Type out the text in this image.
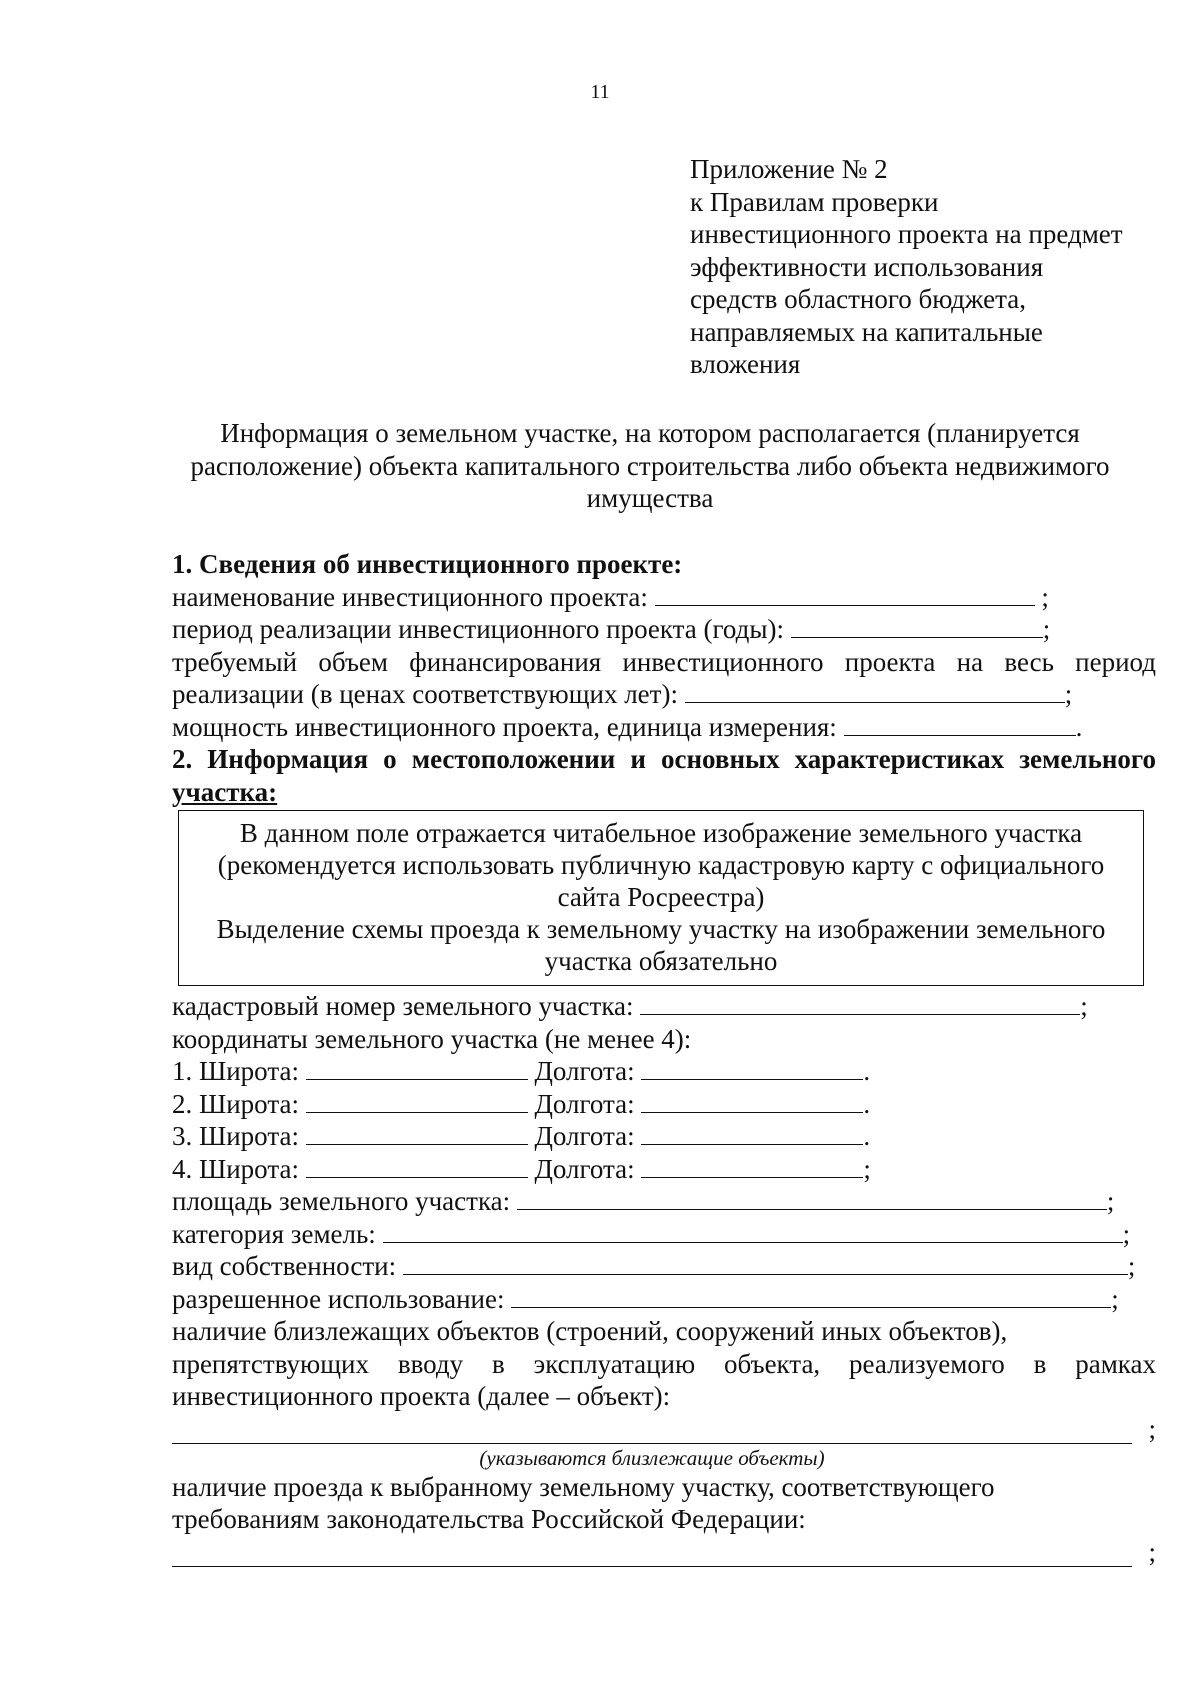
11
Приложение № 2
к Правилам проверки
инвестиционного проекта на предмет
эффективности использования
средств областного бюджета,
направляемых на капитальные
вложения
Информация о земельном участке, на котором располагается (планируется расположение) объекта капитального строительства либо объекта недвижимого имущества
1. Сведения об инвестиционного проекте:
наименование инвестиционного проекта:	;
период реализации инвестиционного проекта (годы):	;
требуемый объем финансирования инвестиционного проекта на весь период
реализации (в ценах соответствующих лет):	;
мощность инвестиционного проекта, единица измерения:	.
2. Информация о местоположении и основных характеристиках земельного
участка:
В данном поле отражается читабельное изображение земельного участка
(рекомендуется использовать публичную кадастровую карту с официального
сайта Росреестра)
Выделение схемы проезда к земельному участку на изображении земельного
участка обязательно
кадастровый номер земельного участка:	;
координаты земельного участка (не менее 4):
1. Широта:	Долгота:	.
2. Широта:	Долгота:	.
3. Широта:	Долгота:	.
4. Широта:	Долгота:	;
площадь земельного участка:	;
категория земель:	;
вид собственности:	;
разрешенное использование:	;
наличие близлежащих объектов (строений, сооружений иных объектов),
препятствующих вводу в эксплуатацию объекта, реализуемого в рамках
инвестиционного проекта (далее – объект):
;
(указываются близлежащие объекты)
наличие проезда к выбранному земельному участку, соответствующего
требованиям законодательства Российской Федерации:
;
